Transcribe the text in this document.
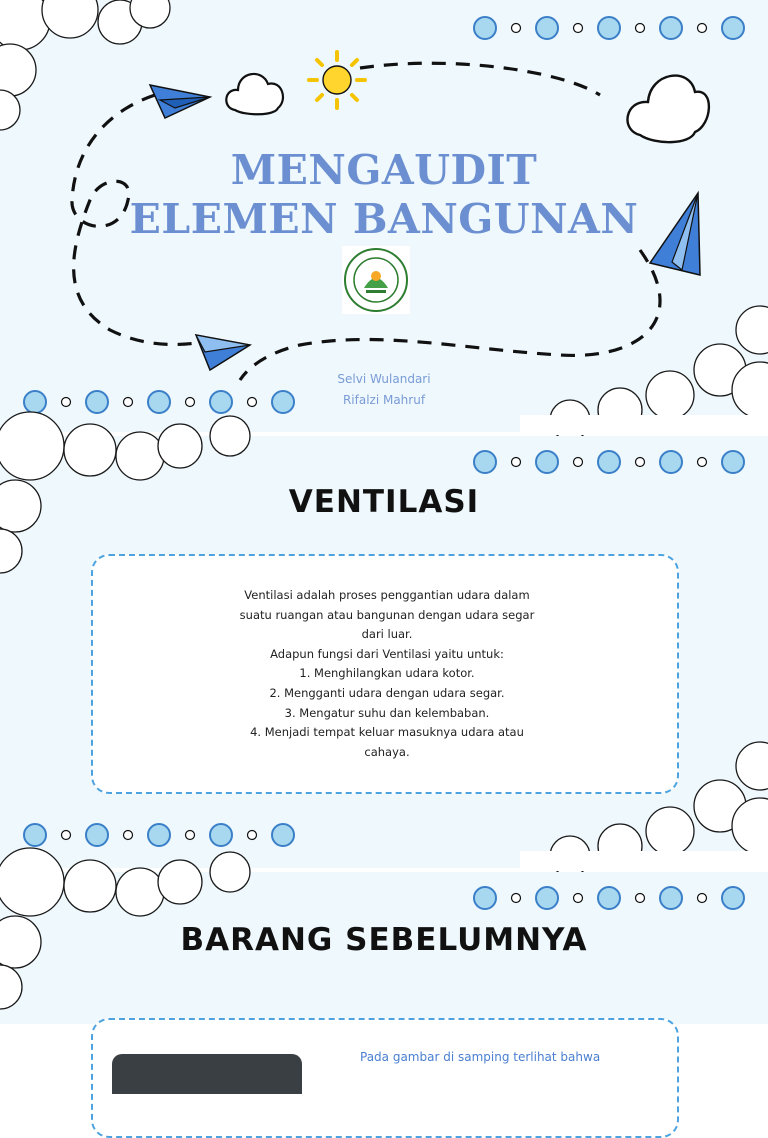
MENGAUDIT
ELEMEN BANGUNAN
Selvi Wulandari
Rifalzi Mahruf
VENTILASI
Ventilasi adalah proses penggantian udara dalam
suatu ruangan atau bangunan dengan udara segar
dari luar.
Adapun fungsi dari Ventilasi yaitu untuk:
1. Menghilangkan udara kotor.
2. Mengganti udara dengan udara segar.
3. Mengatur suhu dan kelembaban.
4. Menjadi tempat keluar masuknya udara atau
cahaya.
BARANG SEBELUMNYA
Pada gambar di samping terlihat bahwa
